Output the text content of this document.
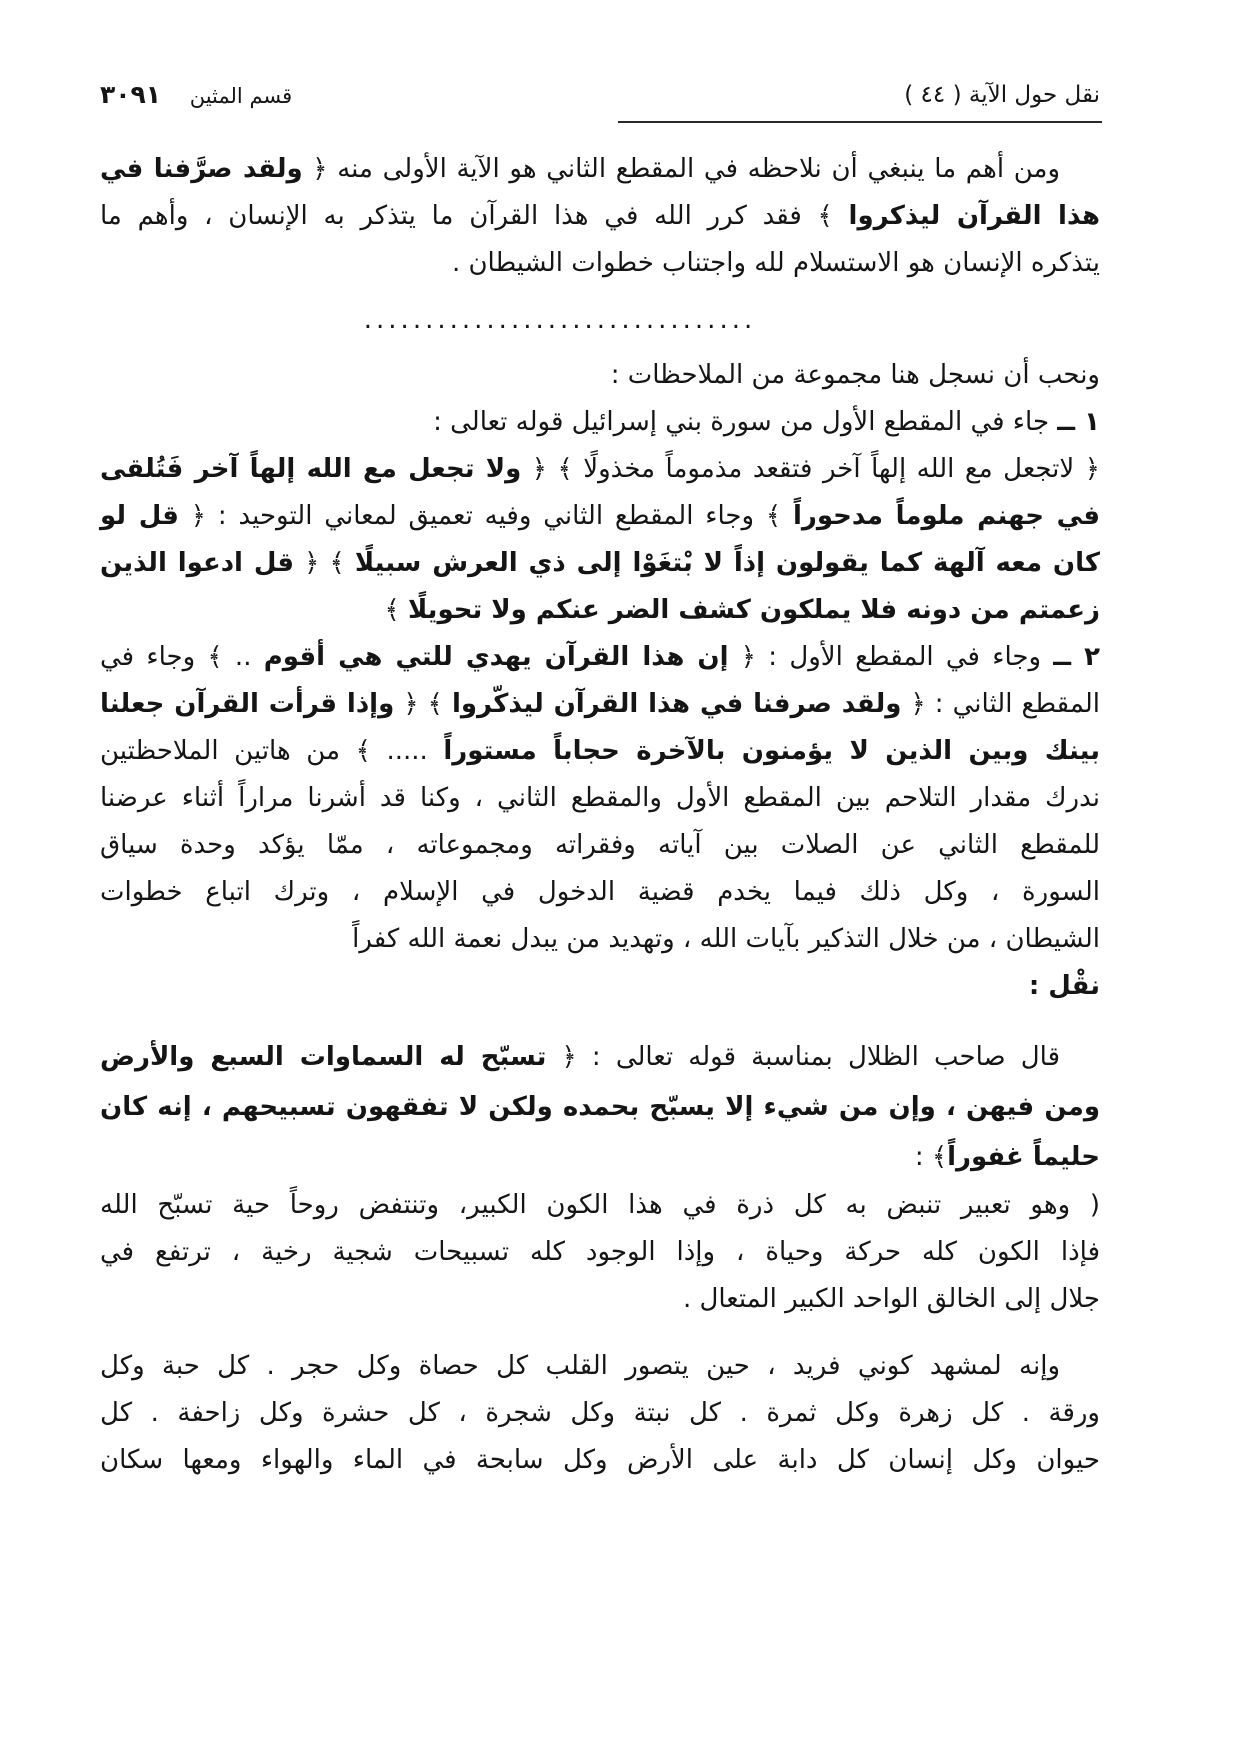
نقل حول الآية ( ٤٤ )
قسم المثين ٣٠٩١
ومن أهم ما ينبغي أن نلاحظه في المقطع الثاني هو الآية الأولى منه ﴿ ولقد صرَّفنا في
هذا القرآن ليذكروا ﴾ فقد كرر الله في هذا القرآن ما يتذكر به الإنسان ، وأهم ما
يتذكره الإنسان هو الاستسلام لله واجتناب خطوات الشيطان .
................................
ونحب أن نسجل هنا مجموعة من الملاحظات :
١ ــ جاء في المقطع الأول من سورة بني إسرائيل قوله تعالى :
﴿ لاتجعل مع الله إلهاً آخر فتقعد مذموماً مخذولًا ﴾ ﴿ ولا تجعل مع الله إلهاً آخر فَتُلقى
في جهنم ملوماً مدحوراً ﴾ وجاء المقطع الثاني وفيه تعميق لمعاني التوحيد : ﴿ قل لو
كان معه آلهة كما يقولون إذاً لا بْتغَوْا إلى ذي العرش سبيلًا ﴾ ﴿ قل ادعوا الذين
زعمتم من دونه فلا يملكون كشف الضر عنكم ولا تحويلًا ﴾
٢ ــ وجاء في المقطع الأول : ﴿ إن هذا القرآن يهدي للتي هي أقوم .. ﴾ وجاء في
المقطع الثاني : ﴿ ولقد صرفنا في هذا القرآن ليذكّروا ﴾ ﴿ وإذا قرأت القرآن جعلنا
بينك وبين الذين لا يؤمنون بالآخرة حجاباً مستوراً ..... ﴾ من هاتين الملاحظتين
ندرك مقدار التلاحم بين المقطع الأول والمقطع الثاني ، وكنا قد أشرنا مراراً أثناء عرضنا
للمقطع الثاني عن الصلات بين آياته وفقراته ومجموعاته ، ممّا يؤكد وحدة سياق
السورة ، وكل ذلك فيما يخدم قضية الدخول في الإسلام ، وترك اتباع خطوات
الشيطان ، من خلال التذكير بآيات الله ، وتهديد من يبدل نعمة الله كفراً
نقْل :
قال صاحب الظلال بمناسبة قوله تعالى : ﴿ تسبّح له السماوات السبع والأرض
ومن فيهن ، وإن من شيء إلا يسبّح بحمده ولكن لا تفقهون تسبيحهم ، إنه كان
حليماً غفوراً﴾ :
( وهو تعبير تنبض به كل ذرة في هذا الكون الكبير، وتنتفض روحاً حية تسبّح الله
فإذا الكون كله حركة وحياة ، وإذا الوجود كله تسبيحات شجية رخية ، ترتفع في
جلال إلى الخالق الواحد الكبير المتعال .
وإنه لمشهد كوني فريد ، حين يتصور القلب كل حصاة وكل حجر . كل حبة وكل
ورقة . كل زهرة وكل ثمرة . كل نبتة وكل شجرة ، كل حشرة وكل زاحفة . كل
حيوان وكل إنسان كل دابة على الأرض وكل سابحة في الماء والهواء ومعها سكان
